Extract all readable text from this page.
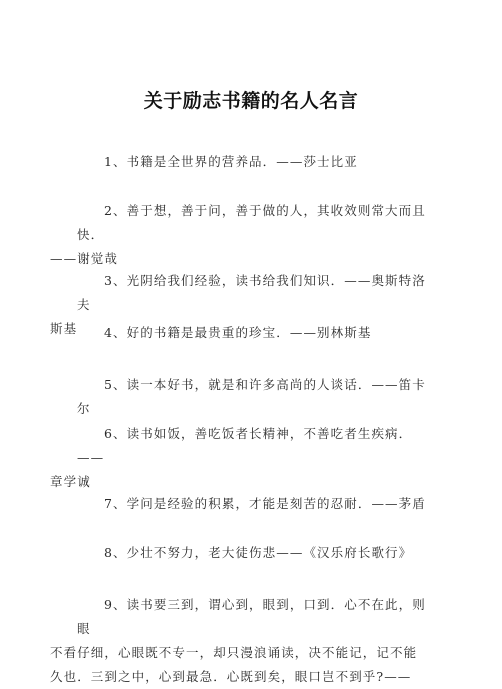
关于励志书籍的名人名言
1、书籍是全世界的营养品．——莎士比亚
2、善于想，善于问，善于做的人，其收效则常大而且快．
——谢觉哉
3、光阴给我们经验，读书给我们知识．——奥斯特洛夫
斯基	4、好的书籍是最贵重的珍宝．——别林斯基
5、读一本好书，就是和许多高尚的人谈话．——笛卡尔
6、读书如饭，善吃饭者长精神，不善吃者生疾病．——
章学诚
7、学问是经验的积累，才能是刻苦的忍耐．——茅盾
8、少壮不努力，老大徒伤悲——《汉乐府长歌行》
9、读书要三到，谓心到，眼到，口到．心不在此，则眼
不看仔细，心眼既不专一，却只漫浪诵读，决不能记，记不能
久也．三到之中，心到最急．心既到矣，眼口岂不到乎?——
